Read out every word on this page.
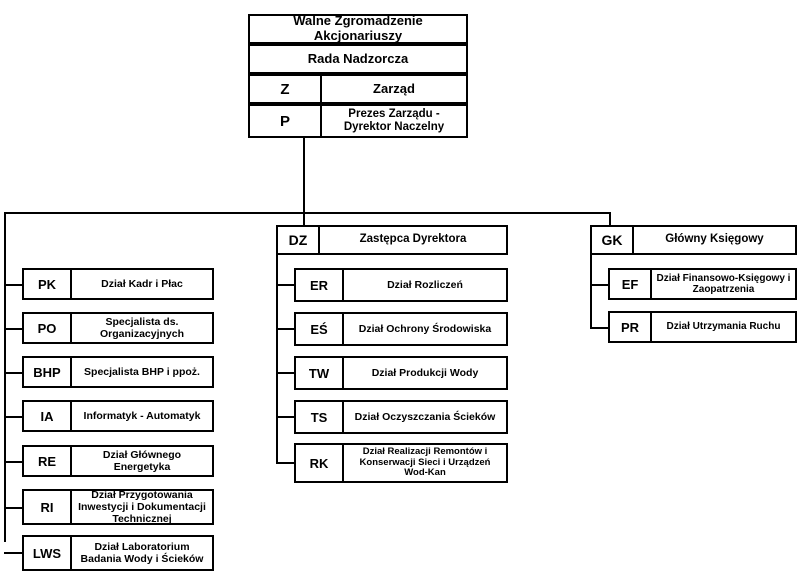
Walne Zgromadzenie Akcjonariuszy
Rada Nadzorcza
Z	Zarząd
P	Prezes Zarządu - Dyrektor Naczelny
DZ	Zastępca Dyrektora	GK	Główny Księgowy
PK	Dział Kadr i Płac
PO	Specjalista ds. Organizacyjnych
BHP	Specjalista BHP i ppoż.
IA	Informatyk - Automatyk
RE	Dział Głównego Energetyka
RI
Dział Przygotowania Inwestycji i Dokumentacji Technicznej
LWS	Dział Laboratorium Badania Wody i Ścieków
ER	Dział Rozliczeń
EŚ	Dział Ochrony Środowiska
TW	Dział Produkcji Wody
TS	Dział Oczyszczania Ścieków
RK
Dział Realizacji Remontów i Konserwacji Sieci i Urządzeń Wod-Kan
EF	Dział Finansowo-Księgowy i Zaopatrzenia
PR	Dział Utrzymania Ruchu
